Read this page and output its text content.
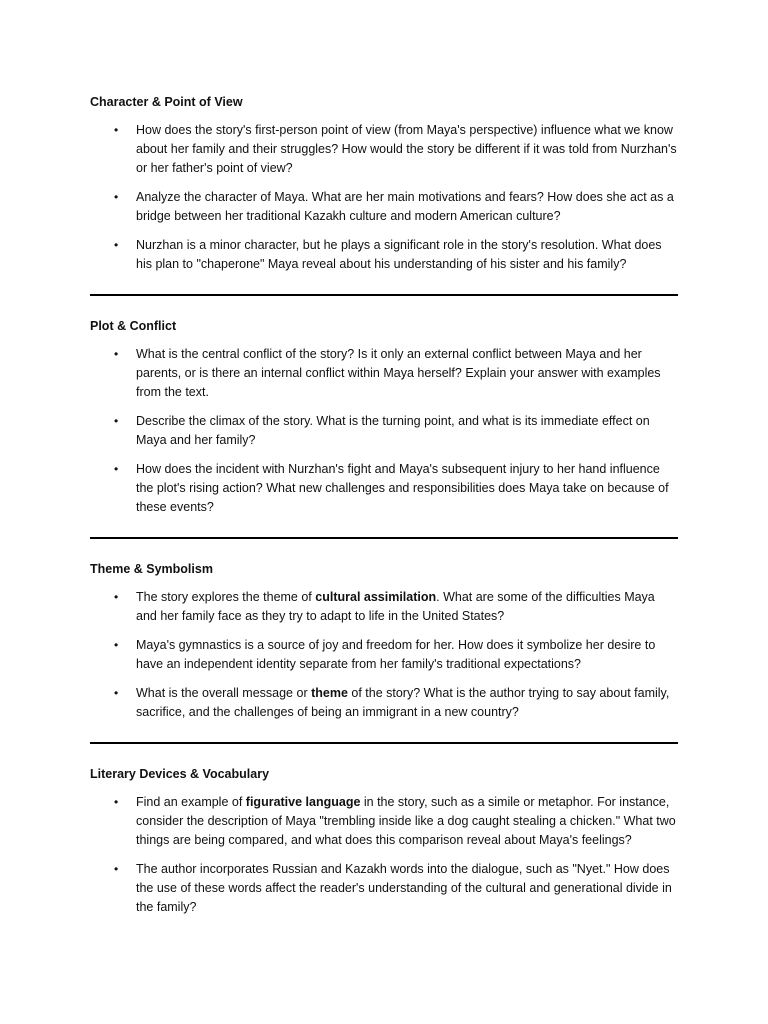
Character & Point of View
• How does the story's first-person point of view (from Maya's perspective) influence what we know about her family and their struggles? How would the story be different if it was told from Nurzhan's or her father's point of view?
• Analyze the character of Maya. What are her main motivations and fears? How does she act as a bridge between her traditional Kazakh culture and modern American culture?
• Nurzhan is a minor character, but he plays a significant role in the story's resolution. What does his plan to "chaperone" Maya reveal about his understanding of his sister and his family?
Plot & Conflict
• What is the central conflict of the story? Is it only an external conflict between Maya and her parents, or is there an internal conflict within Maya herself? Explain your answer with examples from the text.
• Describe the climax of the story. What is the turning point, and what is its immediate effect on Maya and her family?
• How does the incident with Nurzhan's fight and Maya's subsequent injury to her hand influence the plot's rising action? What new challenges and responsibilities does Maya take on because of these events?
Theme & Symbolism
• The story explores the theme of cultural assimilation. What are some of the difficulties Maya and her family face as they try to adapt to life in the United States?
• Maya's gymnastics is a source of joy and freedom for her. How does it symbolize her desire to have an independent identity separate from her family's traditional expectations?
• What is the overall message or theme of the story? What is the author trying to say about family, sacrifice, and the challenges of being an immigrant in a new country?
Literary Devices & Vocabulary
• Find an example of figurative language in the story, such as a simile or metaphor. For instance, consider the description of Maya "trembling inside like a dog caught stealing a chicken." What two things are being compared, and what does this comparison reveal about Maya's feelings?
• The author incorporates Russian and Kazakh words into the dialogue, such as "Nyet." How does the use of these words affect the reader's understanding of the cultural and generational divide in the family?
